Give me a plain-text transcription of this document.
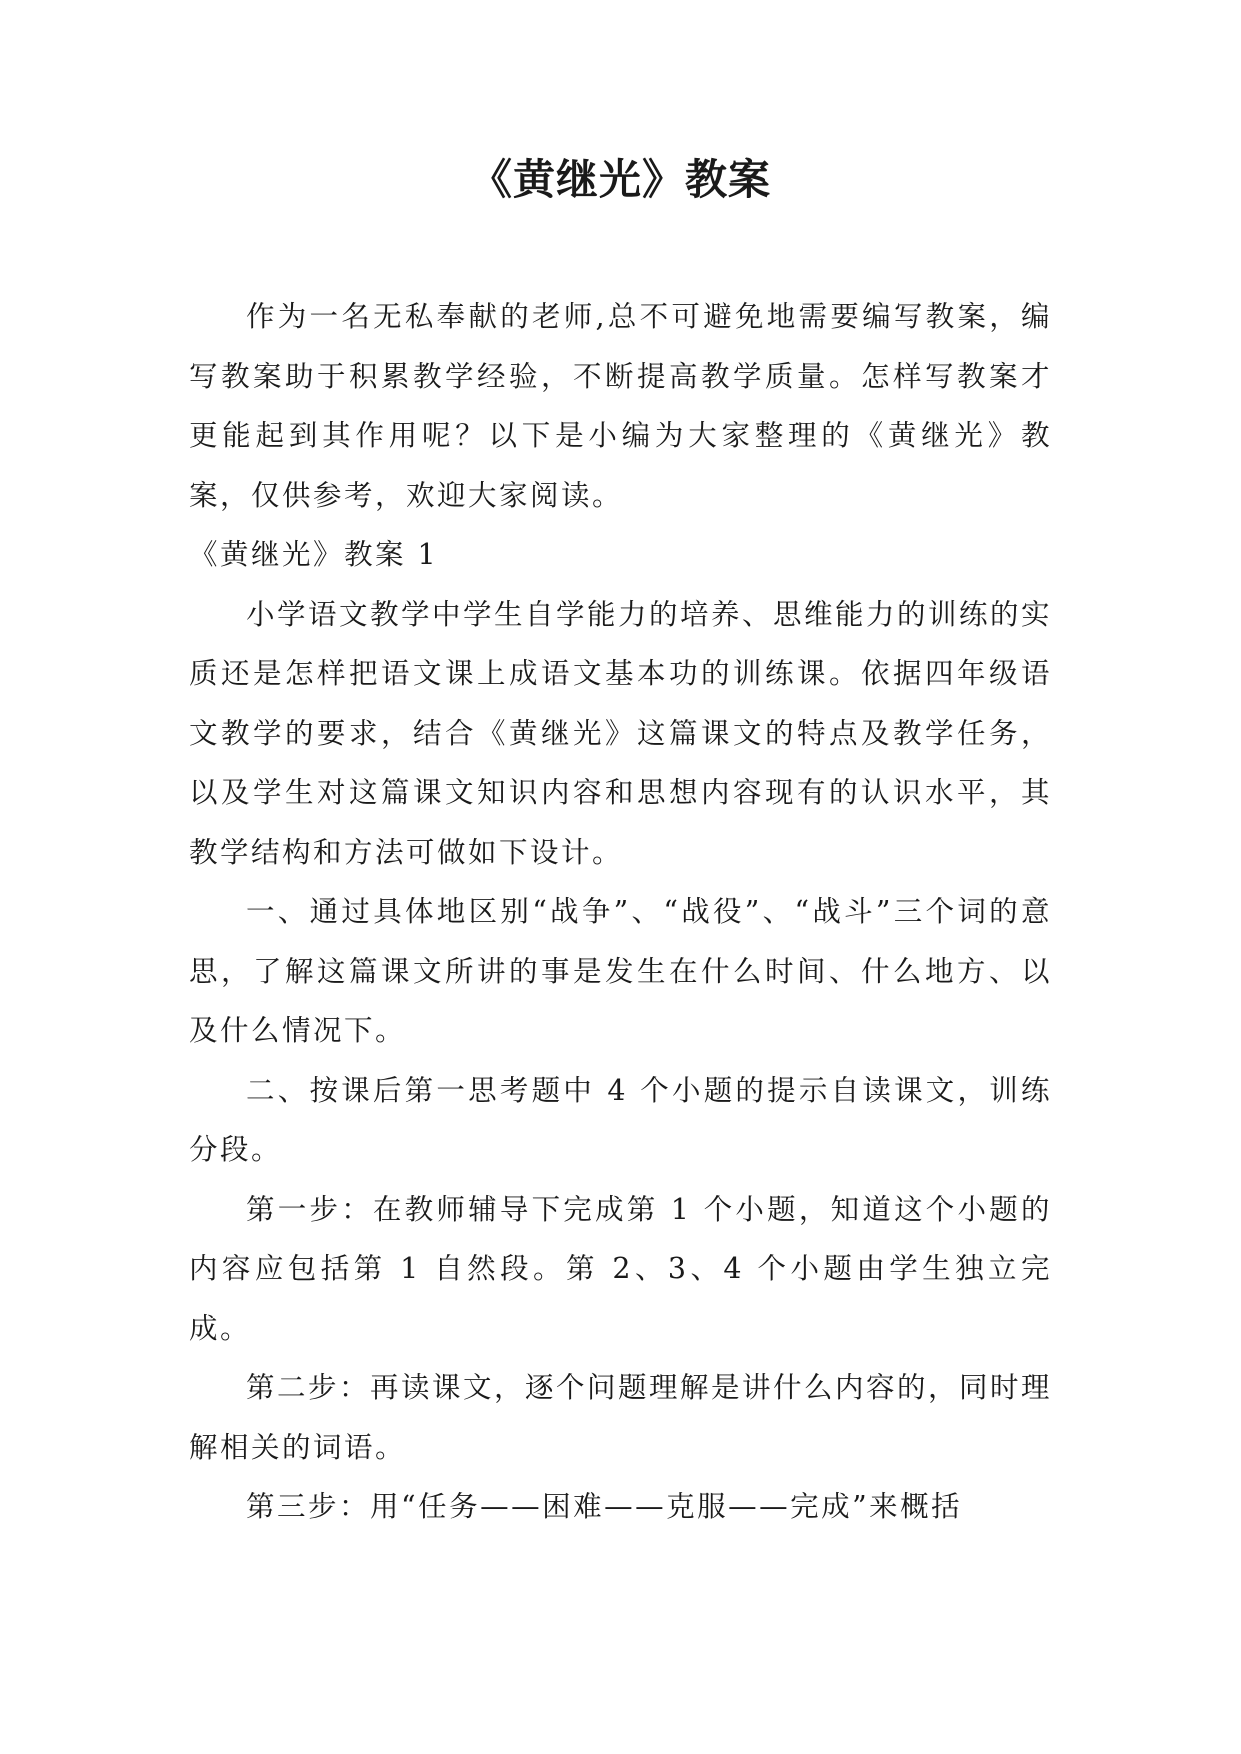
《黄继光》教案

作为一名无私奉献的老师,总不可避免地需要编写教案，编写教案助于积累教学经验，不断提高教学质量。怎样写教案才更能起到其作用呢？以下是小编为大家整理的《黄继光》教案，仅供参考，欢迎大家阅读。

《黄继光》教案 1

小学语文教学中学生自学能力的培养、思维能力的训练的实质还是怎样把语文课上成语文基本功的训练课。依据四年级语文教学的要求，结合《黄继光》这篇课文的特点及教学任务，以及学生对这篇课文知识内容和思想内容现有的认识水平，其教学结构和方法可做如下设计。

一、通过具体地区别“战争”、“战役”、“战斗”三个词的意思，了解这篇课文所讲的事是发生在什么时间、什么地方、以及什么情况下。

二、按课后第一思考题中 4 个小题的提示自读课文，训练分段。

第一步：在教师辅导下完成第 1 个小题，知道这个小题的内容应包括第 1 自然段。第 2、3、4 个小题由学生独立完成。

第二步：再读课文，逐个问题理解是讲什么内容的，同时理解相关的词语。

第三步：用“任务——困难——克服——完成”来概括
